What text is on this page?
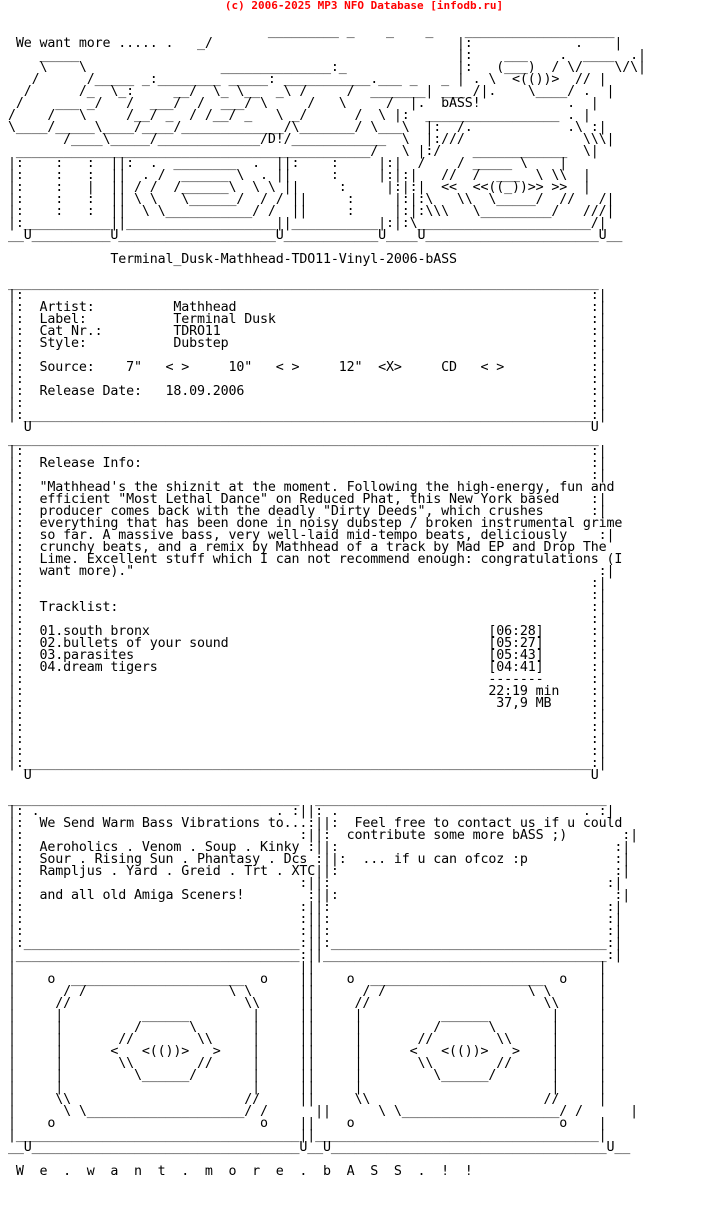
(c) 2006-2025 MP3 NFO Database [infodb.ru]

_________ _    _    _    ___________________
We want more ..... .   _/                               |:             .    |
_____                                                |:    ___    .  ____  .|
\    \                 ______________:_              |:   (___)  / \/    \/\|
/      /_____ _:________ _____: ___________.___ _   _ | . \  <(())>  // |
/      /_  \_:     __/  \_ \__  _\ /     /  _______| ___ /|.    \____/ .  |
/    ___ _/   /  ___/  /  ___/ \     /   \     /  |.  bASS!           .  |
/    /   \     /__/ _  / /__/ _   \ _/      /  \ |:  _________________ . |
\____/_____\____/____/_____________/\_______/ \___\  |:  /.            .\ :|
/____\_____/_____________/D!/____________  \  |:///               \\\|
_____________________________________________/   \ |:/    ____________  \|
|:    :   :  ||:  .  ________  .  ||:    :     |:|  /    / _____ \    |
|:    :   :  ||  . /  ______ \  . ||     :     |:|:|   //  /  ___  \ \\  |
|:    :   |  || / /  /______\  \ \ ||     :     |:|:|  <<  <<((_))>> >>  |
|:    :   :  || \ \   \______/  / / ||     :     |:|:\   \\  \_____/  //   /|
|:    :   :  ||  \ \___________/ /  ||     :     |:|:\\\   \_________/   ///|
|:___________||___________________||___________|:|:\______________________/|
__U__________U____________________U____________U____U______________________U__

Terminal_Dusk-Mathhead-TDO11-Vinyl-2006-bASS

___________________________________________________________________________
|:                                                                        :|
|:  Artist:          Mathhead                                             :|
|:  Label:           Terminal Dusk                                        :|
|:  Cat Nr.:         TDRO11                                               :|
|:  Style:           Dubstep                                              :|
|:                                                                        :|
|:  Source:    7"   < >     10"   < >     12"  <X>     CD   < >           :|
|:                                                                        :|
|:  Release Date:   18.09.2006                                            :|
|:                                                                        :|
|:________________________________________________________________________:|
U                                                                       U
___________________________________________________________________________
|:                                                                        :|
|:  Release Info:                                                         :|
|:                                                                        :|
|:  "Mathhead's the shiznit at the moment. Following the high-energy, fun and
|:  efficient "Most Lethal Dance" on Reduced Phat, this New York based    :|
|:  producer comes back with the deadly "Dirty Deeds", which crushes      :|
|:  everything that has been done in noisy dubstep / broken instrumental grime
|:  so far. A massive bass, very well-laid mid-tempo beats, deliciously    :|
|:  crunchy beats, and a remix by Mathhead of a track by Mad EP and Drop The
|:  Lime. Excellent stuff which I can not recommend enough: congratulations (I
|:  want more)."                                                           :|
|:                                                                        :|
|:                                                                        :|
|:  Tracklist:                                                            :|
|:                                                                        :|
|:  01.south bronx                                           [06:28]      :|
|:  02.bullets of your sound                                 [05:27]      :|
|:  03.parasites                                             [05:43]      :|
|:  04.dream tigers                                          [04:41]      :|
|:                                                           -------      :|
|:                                                           22:19 min    :|
|:                                                            37,9 MB     :|
|:                                                                        :|
|:                                                                        :|
|:                                                                        :|
|:                                                                        :|
|:________________________________________________________________________:|
U                                                                       U

_____________________________________  _____________________________________
|: .                              . :||: .                               . :|
|:  We Send Warm Bass Vibrations to...:||:  Feel free to contact us if u could
|:                                   :||:  contribute some more bASS ;)       :|
|:  Aeroholics . Venom . Soup . Kinky :||:                                   :|
|:  Sour . Rising Sun . Phantasy . Dcs :||:  ... if u can ofcoz :p           :|
|:  Rampljus . Yard . Greid . Trt . XTC||:                                   :|
|:                                   :||:                                   :|
|:  and all old Amiga Sceners!        :||:                                   :|
|:                                   :||:                                   :|
|:                                   :||:                                   :|
|:                                   :||:                                   :|
|:___________________________________:||:___________________________________:|
|____________________________________:||____________________________________:|
|                                    ||                                    |
|    o  ______________________  o    ||    o  ______________________  o    |
|      / /                  \ \      ||      / /                  \ \      |
|     //                      \\     ||     //                      \\     |
|     |          ______        |     ||     |          ______        |     |
|     |         /      \       |     ||     |         /      \       |     |
|     |       //        \\     |     ||     |       //        \\     |     |
|     |      <   <(())>   >    |     ||     |      <   <(())>   >    |     |
|     |       \\        //     |     ||     |       \\        //     |     |
|     |         \______/       |     ||     |         \______/       |     |
|     |                        |     ||     |                        |     |
|     \\                      //     ||     \\                      //     |
|      \ \____________________/ /      ||      \ \____________________/ /      |
|    o                          o    ||    o                          o    |
|____________________________________||____________________________________|
__U__________________________________U__U___________________________________U__

W  e  .  w  a  n  t  .  m  o  r  e  .  b  A  S  S  .  !  !
